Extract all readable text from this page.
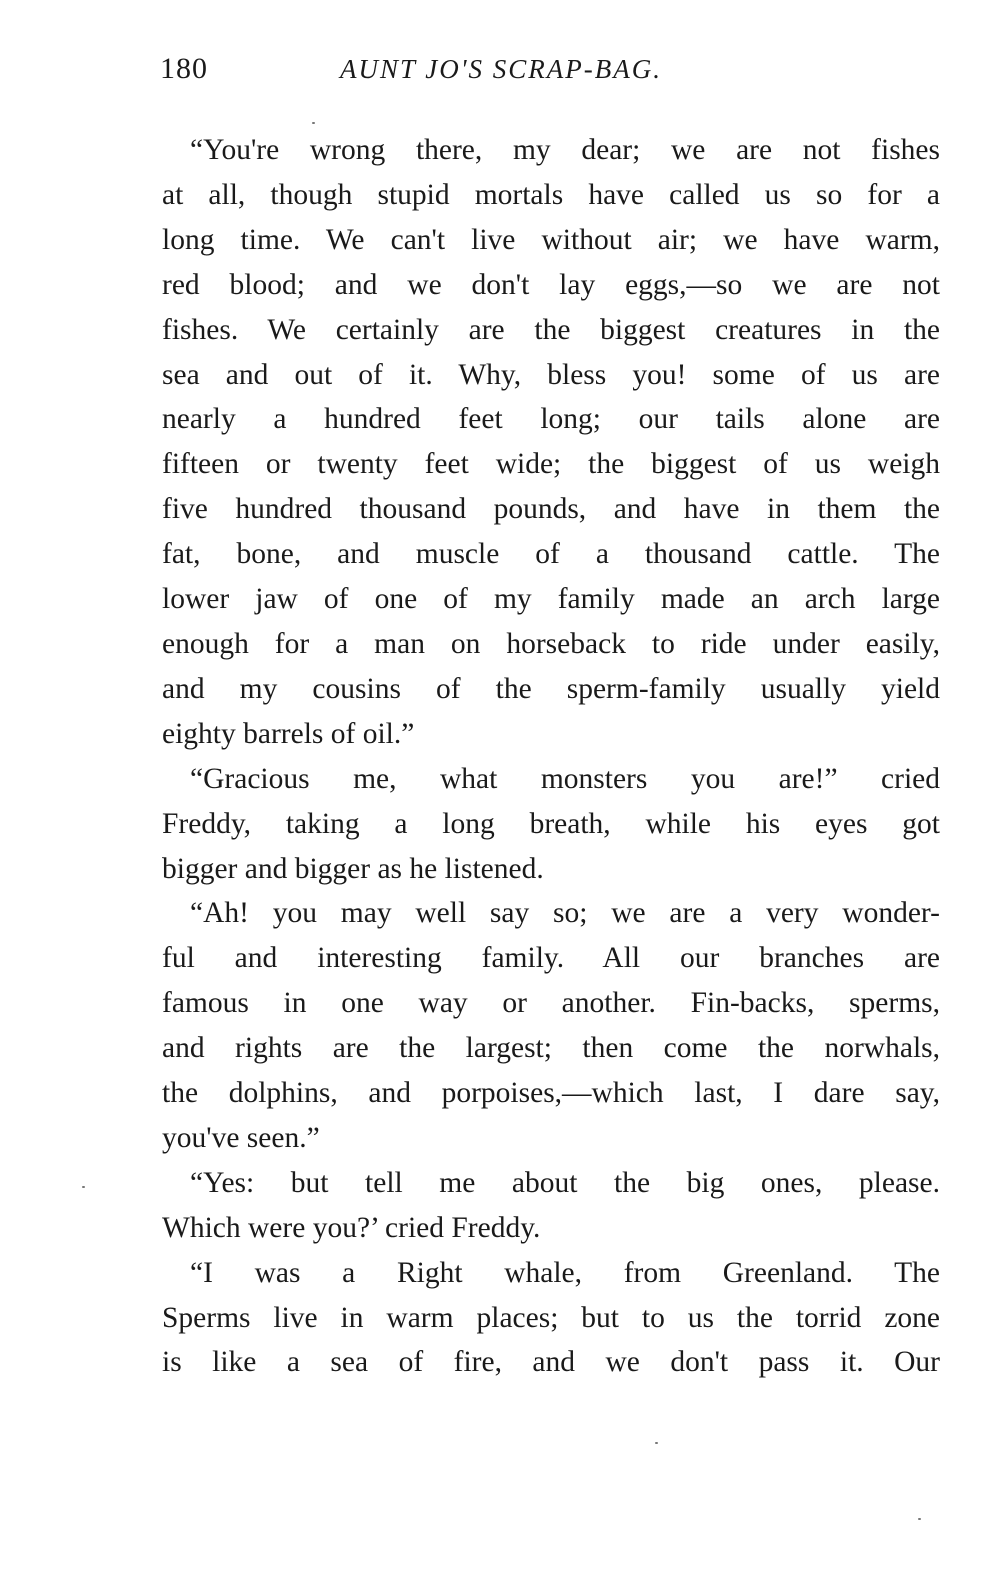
180	AUNT JO'S SCRAP-BAG.

“You're wrong there, my dear; we are not fishes
at all, though stupid mortals have called us so for a
long time. We can't live without air; we have warm,
red blood; and we don't lay eggs,—so we are not
fishes. We certainly are the biggest creatures in the
sea and out of it. Why, bless you! some of us are
nearly a hundred feet long; our tails alone are
fifteen or twenty feet wide; the biggest of us weigh
five hundred thousand pounds, and have in them the
fat, bone, and muscle of a thousand cattle. The
lower jaw of one of my family made an arch large
enough for a man on horseback to ride under easily,
and my cousins of the sperm-family usually yield
eighty barrels of oil.”

“Gracious me, what monsters you are!” cried
Freddy, taking a long breath, while his eyes got
bigger and bigger as he listened.

“Ah! you may well say so; we are a very wonder-
ful and interesting family. All our branches are
famous in one way or another. Fin-backs, sperms,
and rights are the largest; then come the norwhals,
the dolphins, and porpoises,—which last, I dare say,
you've seen.”

“Yes: but tell me about the big ones, please.
Which were you?’ cried Freddy.

“I was a Right whale, from Greenland. The
Sperms live in warm places; but to us the torrid zone
is like a sea of fire, and we don't pass it. Our
